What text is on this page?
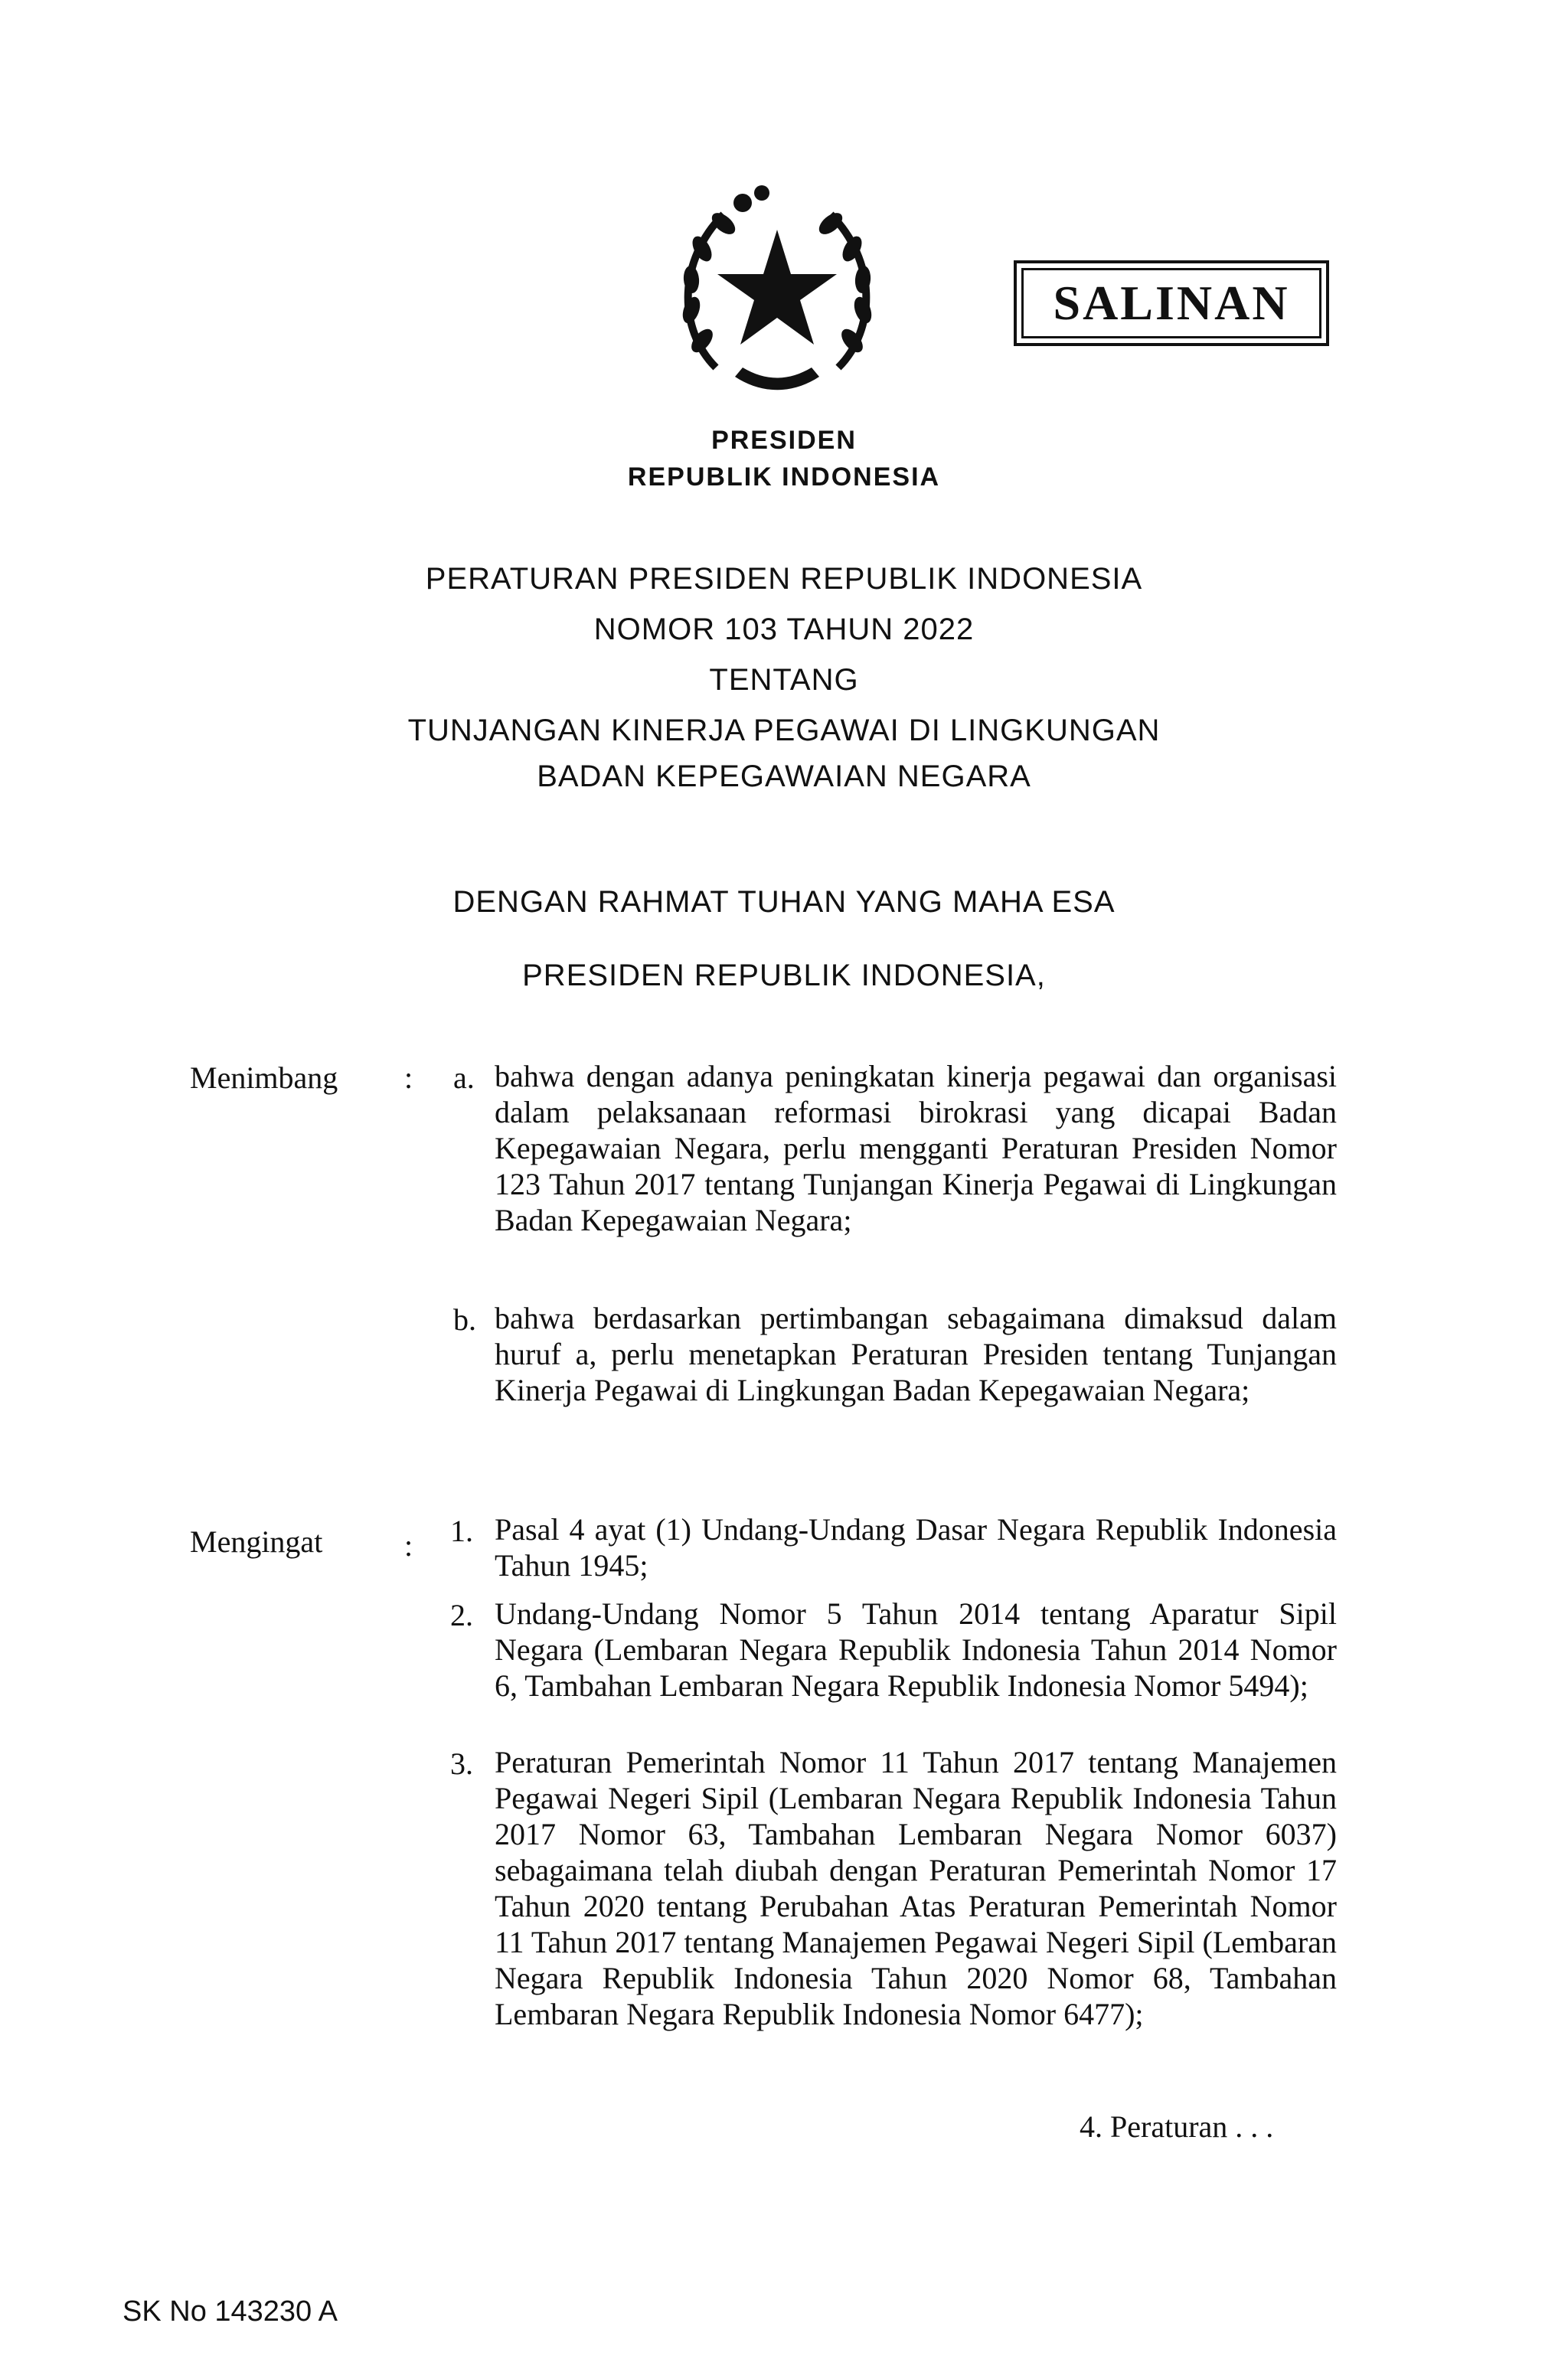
SALINAN
PRESIDEN
REPUBLIK INDONESIA
PERATURAN PRESIDEN REPUBLIK INDONESIA
NOMOR 103 TAHUN 2022
TENTANG
TUNJANGAN KINERJA PEGAWAI DI LINGKUNGAN
BADAN KEPEGAWAIAN NEGARA
DENGAN RAHMAT TUHAN YANG MAHA ESA
PRESIDEN REPUBLIK INDONESIA,
Menimbang : a. bahwa dengan adanya peningkatan kinerja pegawai dan organisasi dalam pelaksanaan reformasi birokrasi yang dicapai Badan Kepegawaian Negara, perlu mengganti Peraturan Presiden Nomor 123 Tahun 2017 tentang Tunjangan Kinerja Pegawai di Lingkungan Badan Kepegawaian Negara;
b. bahwa berdasarkan pertimbangan sebagaimana dimaksud dalam huruf a, perlu menetapkan Peraturan Presiden tentang Tunjangan Kinerja Pegawai di Lingkungan Badan Kepegawaian Negara;
Mengingat	: 1. Pasal 4 ayat (1) Undang-Undang Dasar Negara Republik Indonesia Tahun 1945;
2. Undang-Undang Nomor 5 Tahun 2014 tentang Aparatur Sipil Negara (Lembaran Negara Republik Indonesia Tahun 2014 Nomor 6, Tambahan Lembaran Negara Republik Indonesia Nomor 5494);
3. Peraturan Pemerintah Nomor 11 Tahun 2017 tentang Manajemen Pegawai Negeri Sipil (Lembaran Negara Republik Indonesia Tahun 2017 Nomor 63, Tambahan Lembaran Negara Nomor 6037) sebagaimana telah diubah dengan Peraturan Pemerintah Nomor 17 Tahun 2020 tentang Perubahan Atas Peraturan Pemerintah Nomor 11 Tahun 2017 tentang Manajemen Pegawai Negeri Sipil (Lembaran Negara Republik Indonesia Tahun 2020 Nomor 68, Tambahan Lembaran Negara Republik Indonesia Nomor 6477);
4. Peraturan . . .
SK No 143230 A
